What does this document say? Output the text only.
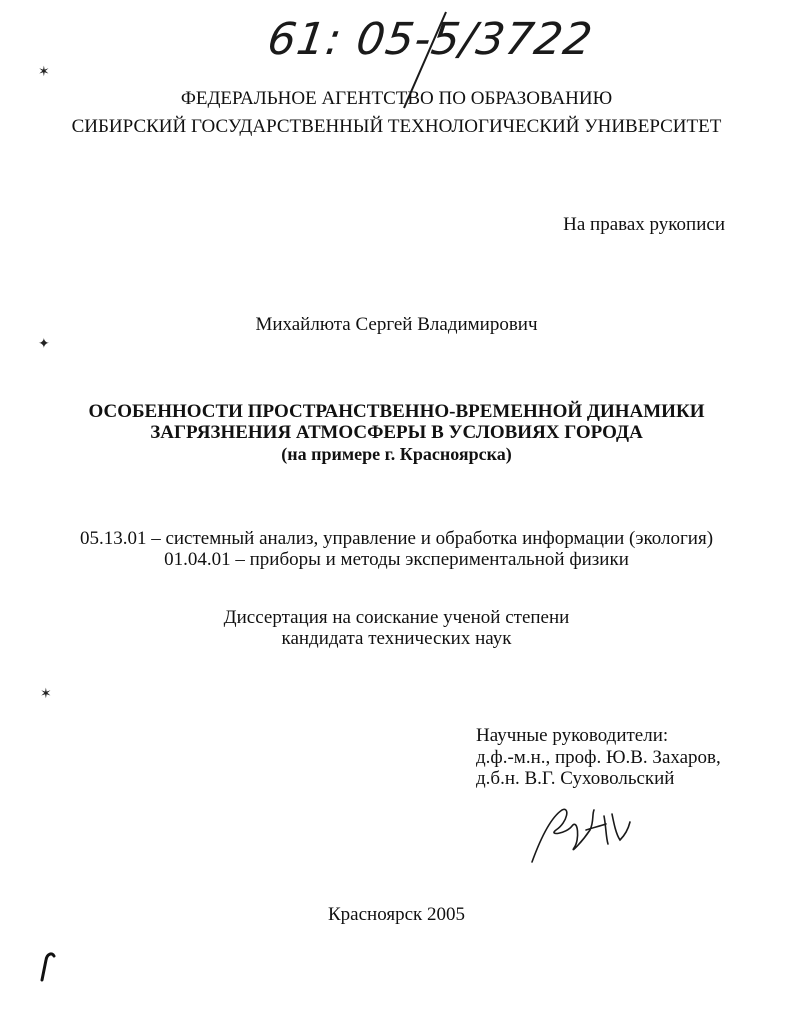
61: 05-5/3722
ФЕДЕРАЛЬНОЕ АГЕНТСТВО ПО ОБРАЗОВАНИЮ
СИБИРСКИЙ ГОСУДАРСТВЕННЫЙ ТЕХНОЛОГИЧЕСКИЙ УНИВЕРСИТЕТ
На правах рукописи
Михайлюта Сергей Владимирович
ОСОБЕННОСТИ ПРОСТРАНСТВЕННО-ВРЕМЕННОЙ ДИНАМИКИ
ЗАГРЯЗНЕНИЯ АТМОСФЕРЫ В УСЛОВИЯХ ГОРОДА
(на примере г. Красноярска)
05.13.01 – системный анализ, управление и обработка информации (экология)
01.04.01 – приборы и методы экспериментальной физики
Диссертация на соискание ученой степени
кандидата технических наук
Научные руководители:
д.ф.-м.н., проф. Ю.В. Захаров,
д.б.н. В.Г. Суховольский
Красноярск 2005
✶
✦
✶
